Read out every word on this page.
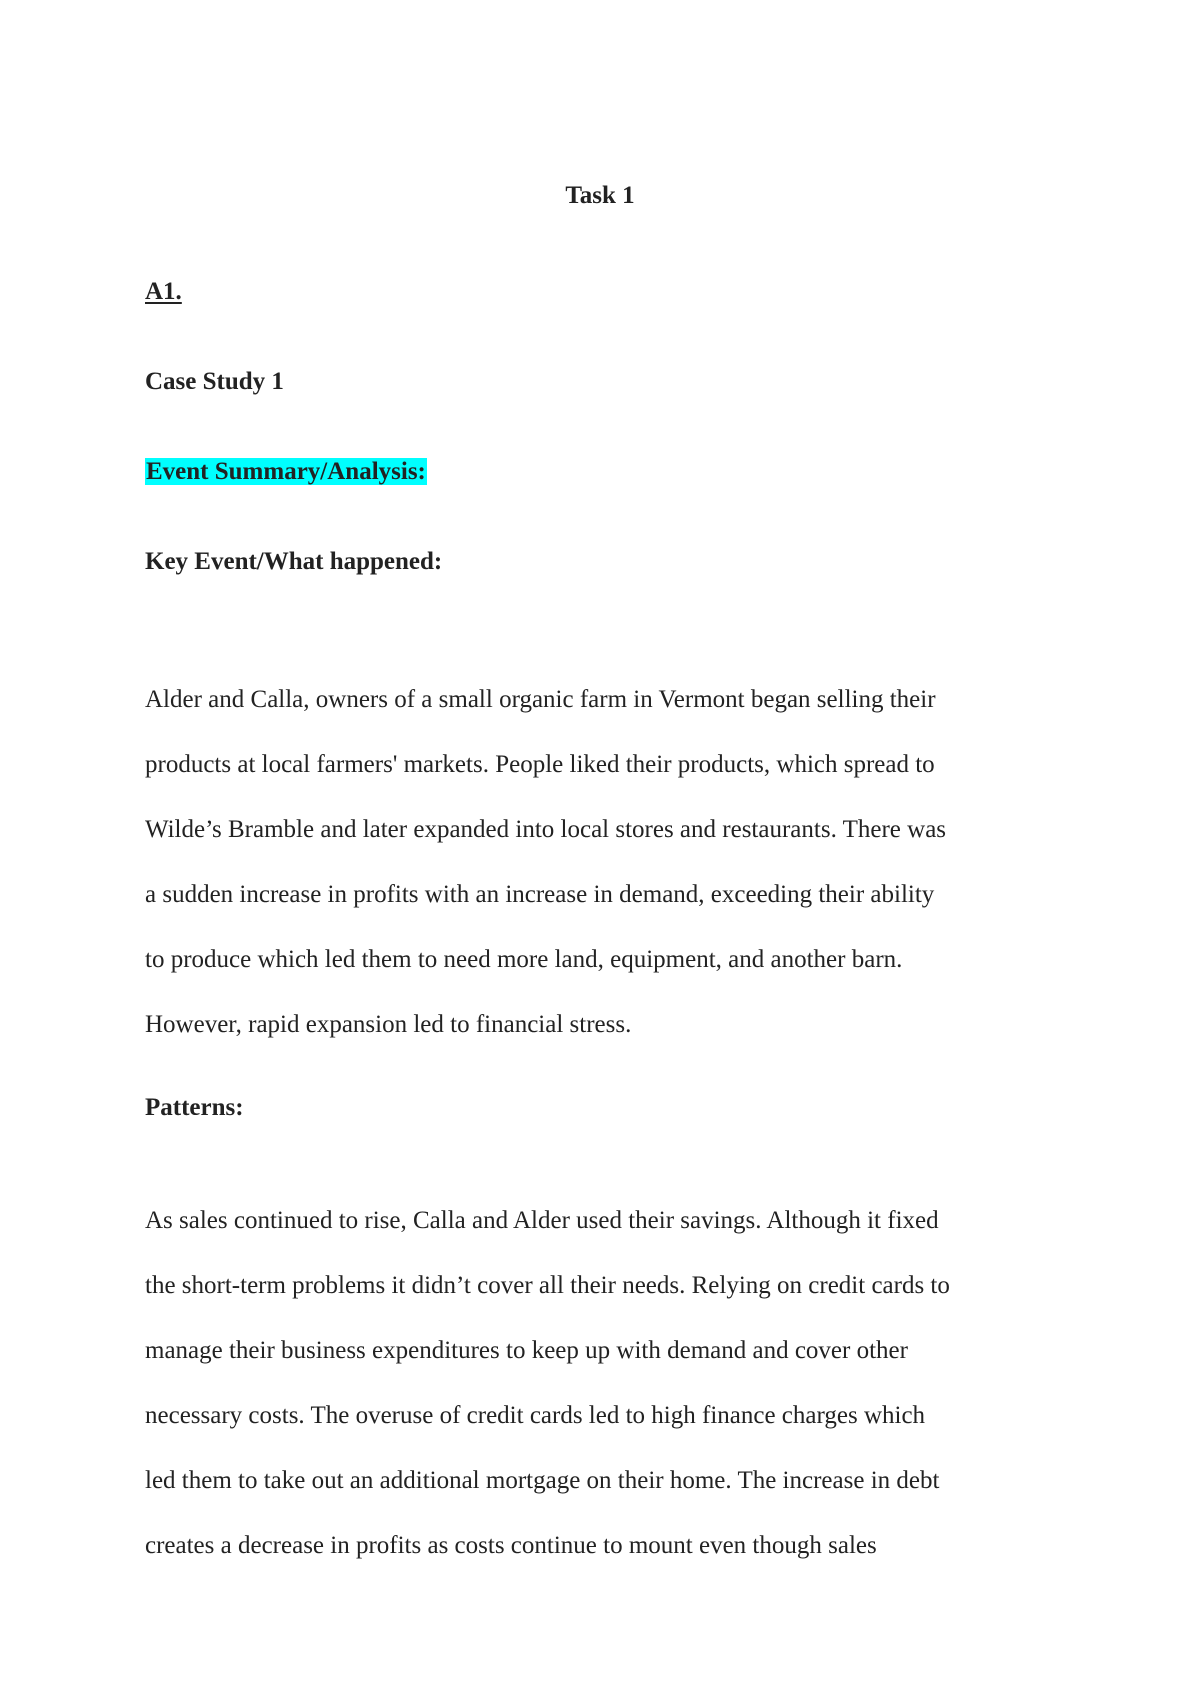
Task 1
A1.
Case Study 1
Event Summary/Analysis:
Key Event/What happened:
Alder and Calla, owners of a small organic farm in Vermont began selling their
products at local farmers' markets. People liked their products, which spread to
Wilde’s Bramble and later expanded into local stores and restaurants. There was
a sudden increase in profits with an increase in demand, exceeding their ability
to produce which led them to need more land, equipment, and another barn.
However, rapid expansion led to financial stress.
Patterns:
As sales continued to rise, Calla and Alder used their savings. Although it fixed
the short-term problems it didn’t cover all their needs. Relying on credit cards to
manage their business expenditures to keep up with demand and cover other
necessary costs. The overuse of credit cards led to high finance charges which
led them to take out an additional mortgage on their home. The increase in debt
creates a decrease in profits as costs continue to mount even though sales
